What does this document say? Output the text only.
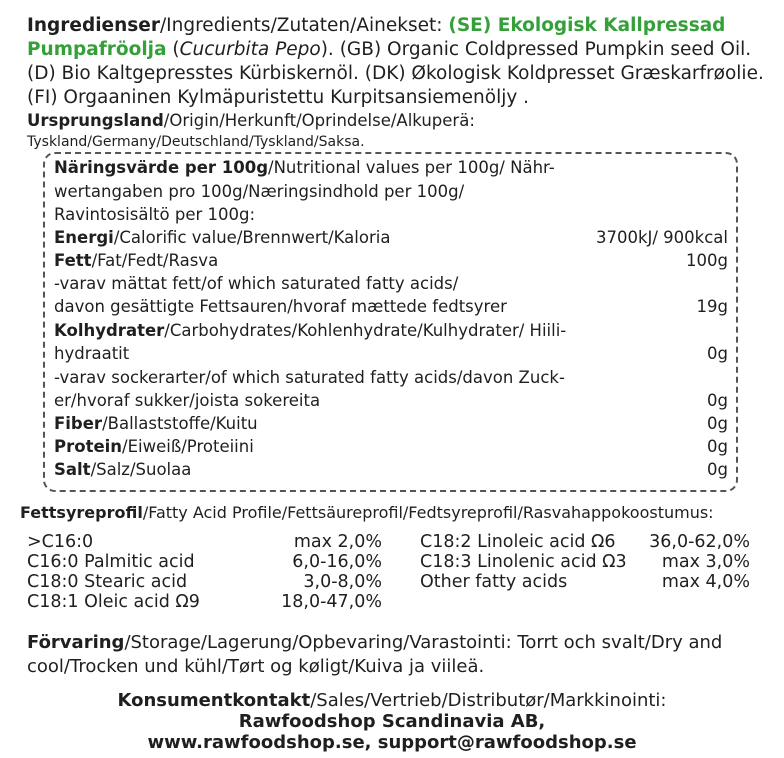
Ingredienser/Ingredients/Zutaten/Ainekset: (SE) Ekologisk Kallpressad Pumpafröolja (Cucurbita Pepo). (GB) Organic Coldpressed Pumpkin seed Oil. (D) Bio Kaltgepresstes Kürbiskernöl. (DK) Økologisk Koldpresset Græskarfrøolie. (FI) Orgaaninen Kylmäpuristettu Kurpitsansiemenöljy .
Ursprungsland/Origin/Herkunft/Oprindelse/Alkuperä: Tyskland/Germany/Deutschland/Tyskland/Saksa.
Näringsvärde per 100g/Nutritional values per 100g/ Nähr-
wertangaben pro 100g/Næringsindhold per 100g/
Ravintosisältö per 100g:
Energi/Calorific value/Brennwert/Kaloria	3700kJ/ 900kcal
Fett/Fat/Fedt/Rasva	100g
-varav mättat fett/of which saturated fatty acids/
davon gesättigte Fettsauren/hvoraf mættede fedtsyrer	19g
Kolhydrater/Carbohydrates/Kohlenhydrate/Kulhydrater/ Hiili-
hydraatit	0g
-varav sockerarter/of which saturated fatty acids/davon Zuck-
er/hvoraf sukker/joista sokereita	0g
Fiber/Ballaststoffe/Kuitu	0g
Protein/Eiweiß/Proteiini	0g
Salt/Salz/Suolaa	0g
Fettsyreprofil/Fatty Acid Profile/Fettsäureprofil/Fedtsyreprofil/Rasvahappokoostumus:
>C16:0	max 2,0%
C16:0 Palmitic acid	6,0-16,0%
C18:0 Stearic acid	3,0-8,0%
C18:1 Oleic acid Ω9	18,0-47,0%
C18:2 Linoleic acid Ω6	36,0-62,0%
C18:3 Linolenic acid Ω3	max 3,0%
Other fatty acids	max 4,0%
Förvaring/Storage/Lagerung/Opbevaring/Varastointi: Torrt och svalt/Dry and cool/Trocken und kühl/Tørt og køligt/Kuiva ja viileä.
Konsumentkontakt/Sales/Vertrieb/Distributør/Markkinointi:
Rawfoodshop Scandinavia AB,
www.rawfoodshop.se, support@rawfoodshop.se
